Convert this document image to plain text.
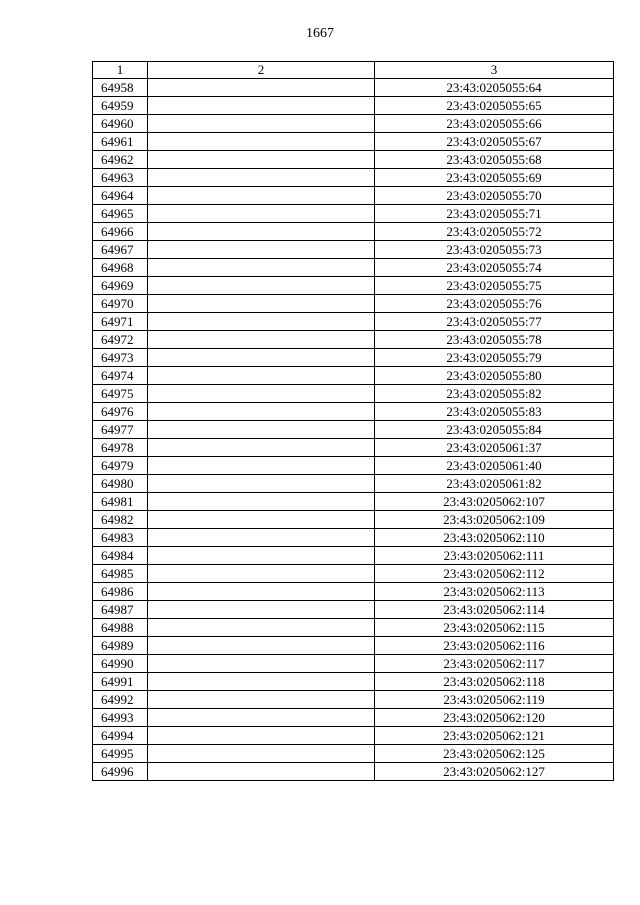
1667
1	2	3
64958		23:43:0205055:64
64959		23:43:0205055:65
64960		23:43:0205055:66
64961		23:43:0205055:67
64962		23:43:0205055:68
64963		23:43:0205055:69
64964		23:43:0205055:70
64965		23:43:0205055:71
64966		23:43:0205055:72
64967		23:43:0205055:73
64968		23:43:0205055:74
64969		23:43:0205055:75
64970		23:43:0205055:76
64971		23:43:0205055:77
64972		23:43:0205055:78
64973		23:43:0205055:79
64974		23:43:0205055:80
64975		23:43:0205055:82
64976		23:43:0205055:83
64977		23:43:0205055:84
64978		23:43:0205061:37
64979		23:43:0205061:40
64980		23:43:0205061:82
64981		23:43:0205062:107
64982		23:43:0205062:109
64983		23:43:0205062:110
64984		23:43:0205062:111
64985		23:43:0205062:112
64986		23:43:0205062:113
64987		23:43:0205062:114
64988		23:43:0205062:115
64989		23:43:0205062:116
64990		23:43:0205062:117
64991		23:43:0205062:118
64992		23:43:0205062:119
64993		23:43:0205062:120
64994		23:43:0205062:121
64995		23:43:0205062:125
64996		23:43:0205062:127
